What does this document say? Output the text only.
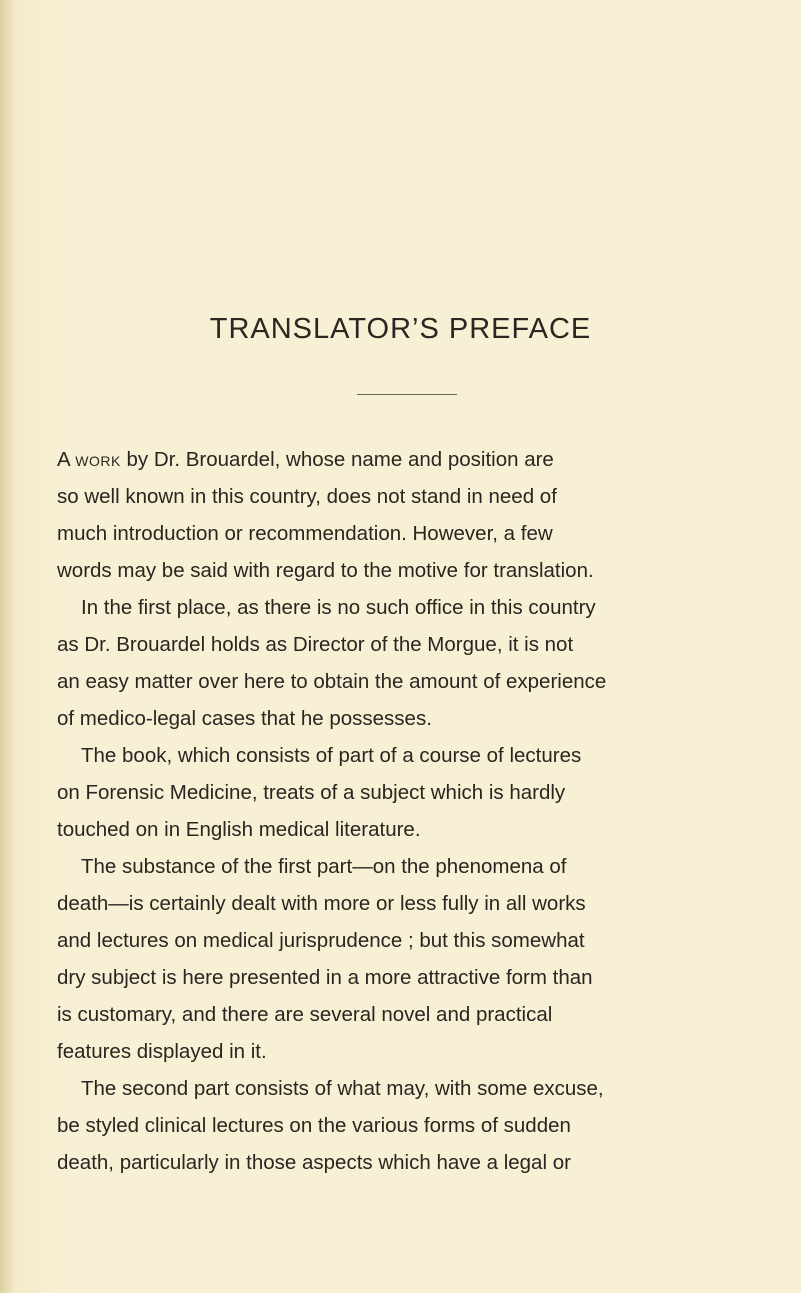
TRANSLATOR’S PREFACE

A work by Dr. Brouardel, whose name and position are

so well known in this country, does not stand in need of

much introduction or recommendation. However, a few

words may be said with regard to the motive for translation.

In the first place, as there is no such office in this country

as Dr. Brouardel holds as Director of the Morgue, it is not

an easy matter over here to obtain the amount of experience

of medico-legal cases that he possesses.

The book, which consists of part of a course of lectures

on Forensic Medicine, treats of a subject which is hardly

touched on in English medical literature.

The substance of the first part—on the phenomena of

death—is certainly dealt with more or less fully in all works

and lectures on medical jurisprudence ; but this somewhat

dry subject is here presented in a more attractive form than

is customary, and there are several novel and practical

features displayed in it.

The second part consists of what may, with some excuse,

be styled clinical lectures on the various forms of sudden

death, particularly in those aspects which have a legal or
